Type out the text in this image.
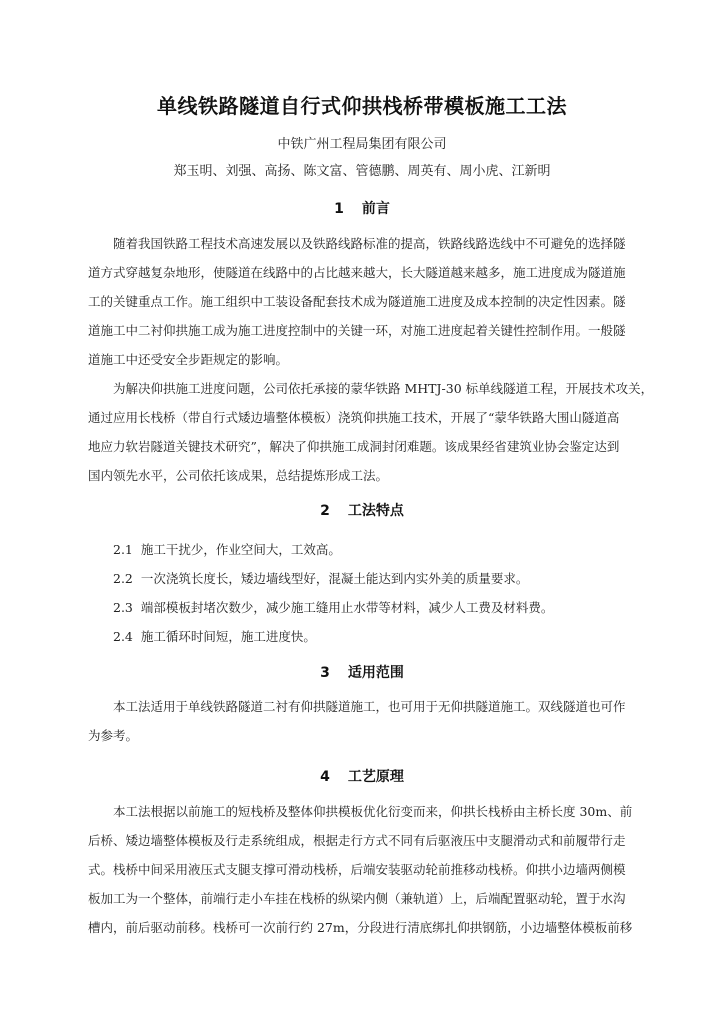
单线铁路隧道自行式仰拱栈桥带模板施工工法
中铁广州工程局集团有限公司
郑玉明、刘强、高扬、陈文富、管德鹏、周英有、周小虎、江新明
1 前言
随着我国铁路工程技术高速发展以及铁路线路标准的提高，铁路线路选线中不可避免的选择隧
道方式穿越复杂地形，使隧道在线路中的占比越来越大，长大隧道越来越多，施工进度成为隧道施
工的关键重点工作。施工组织中工装设备配套技术成为隧道施工进度及成本控制的决定性因素。隧
道施工中二衬仰拱施工成为施工进度控制中的关键一环，对施工进度起着关键性控制作用。一般隧
道施工中还受安全步距规定的影响。
为解决仰拱施工进度问题，公司依托承接的蒙华铁路 MHTJ-30 标单线隧道工程，开展技术攻关，
通过应用长栈桥（带自行式矮边墙整体模板）浇筑仰拱施工技术，开展了“蒙华铁路大围山隧道高
地应力软岩隧道关键技术研究”，解决了仰拱施工成洞封闭难题。该成果经省建筑业协会鉴定达到
国内领先水平，公司依托该成果，总结提炼形成工法。
2 工法特点
2.1 施工干扰少，作业空间大，工效高。
2.2 一次浇筑长度长，矮边墙线型好，混凝土能达到内实外美的质量要求。
2.3 端部模板封堵次数少，减少施工缝用止水带等材料，减少人工费及材料费。
2.4 施工循环时间短，施工进度快。
3 适用范围
本工法适用于单线铁路隧道二衬有仰拱隧道施工，也可用于无仰拱隧道施工。双线隧道也可作
为参考。
4 工艺原理
本工法根据以前施工的短栈桥及整体仰拱模板优化衍变而来，仰拱长栈桥由主桥长度 30m、前
后桥、矮边墙整体模板及行走系统组成，根据走行方式不同有后驱液压中支腿滑动式和前履带行走
式。栈桥中间采用液压式支腿支撑可滑动栈桥，后端安装驱动轮前推移动栈桥。仰拱小边墙两侧模
板加工为一个整体，前端行走小车挂在栈桥的纵梁内侧（兼轨道）上，后端配置驱动轮，置于水沟
槽内，前后驱动前移。栈桥可一次前行约 27m，分段进行清底绑扎仰拱钢筋，小边墙整体模板前移
